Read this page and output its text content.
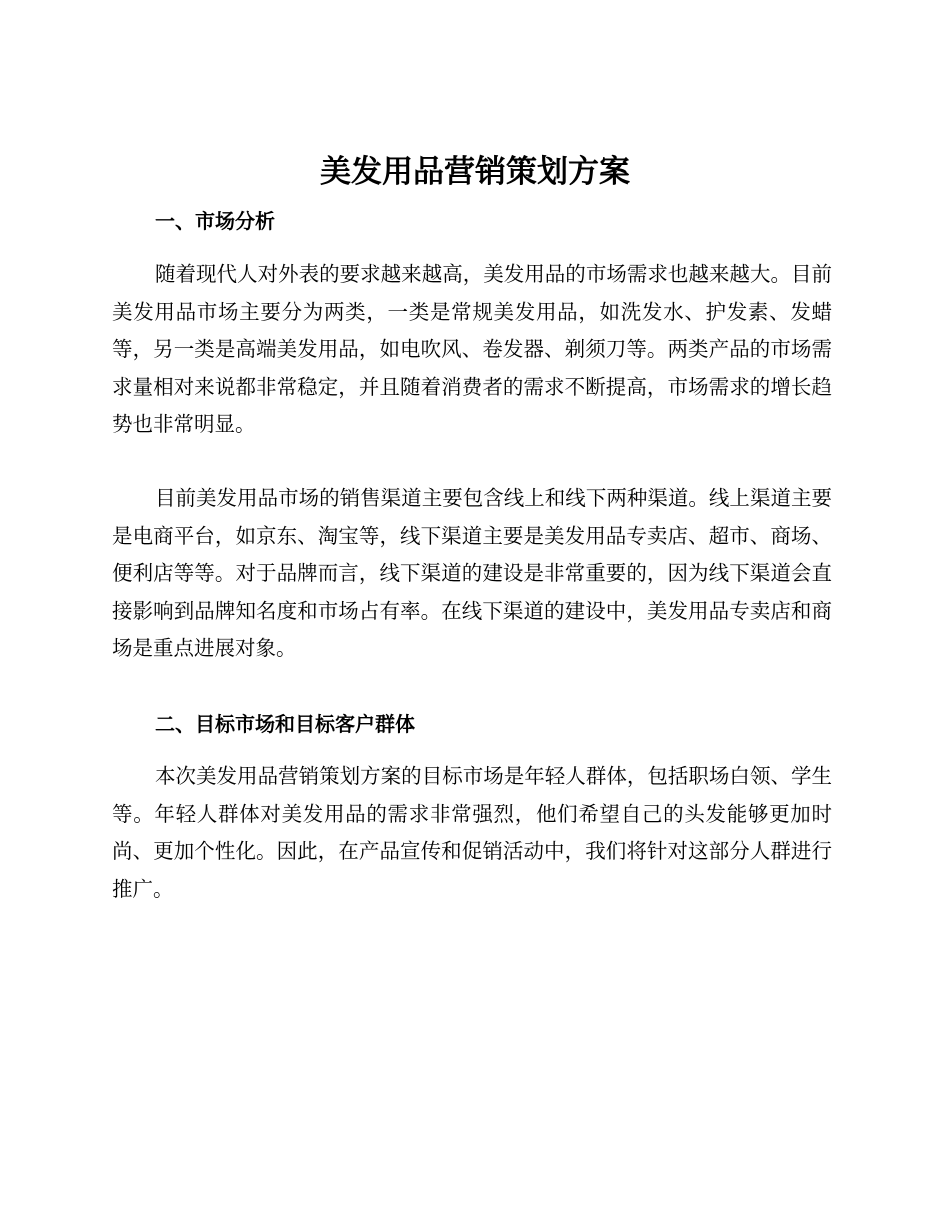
美发用品营销策划方案
一、市场分析

随着现代人对外表的要求越来越高，美发用品的市场需求也越来越大。目前美发用品市场主要分为两类，一类是常规美发用品，如洗发水、护发素、发蜡等，另一类是高端美发用品，如电吹风、卷发器、剃须刀等。两类产品的市场需求量相对来说都非常稳定，并且随着消费者的需求不断提高，市场需求的增长趋势也非常明显。

目前美发用品市场的销售渠道主要包含线上和线下两种渠道。线上渠道主要是电商平台，如京东、淘宝等，线下渠道主要是美发用品专卖店、超市、商场、便利店等等。对于品牌而言，线下渠道的建设是非常重要的，因为线下渠道会直接影响到品牌知名度和市场占有率。在线下渠道的建设中，美发用品专卖店和商场是重点进展对象。

二、目标市场和目标客户群体

本次美发用品营销策划方案的目标市场是年轻人群体，包括职场白领、学生等。年轻人群体对美发用品的需求非常强烈，他们希望自己的头发能够更加时尚、更加个性化。因此，在产品宣传和促销活动中，我们将针对这部分人群进行推广。
